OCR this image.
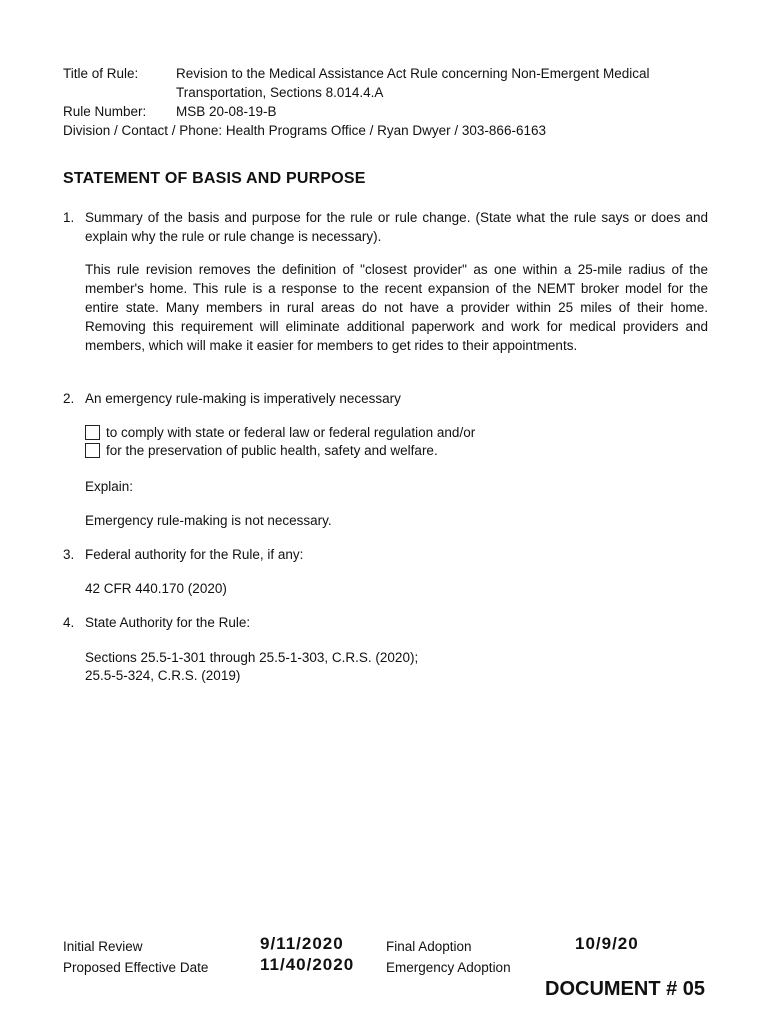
Title of Rule:	Revision to the Medical Assistance Act Rule concerning Non-Emergent Medical
Transportation, Sections 8.014.4.A
Rule Number: MSB 20-08-19-B
Division / Contact / Phone: Health Programs Office / Ryan Dwyer / 303-866-6163
STATEMENT OF BASIS AND PURPOSE
1. Summary of the basis and purpose for the rule or rule change. (State what the rule says or does and explain why the rule or rule change is necessary).
This rule revision removes the definition of "closest provider" as one within a 25-mile radius of the member's home. This rule is a response to the recent expansion of the NEMT broker model for the entire state. Many members in rural areas do not have a provider within 25 miles of their home. Removing this requirement will eliminate additional paperwork and work for medical providers and members, which will make it easier for members to get rides to their appointments.
2. An emergency rule-making is imperatively necessary
to comply with state or federal law or federal regulation and/or
for the preservation of public health, safety and welfare.
Explain:
Emergency rule-making is not necessary.
3. Federal authority for the Rule, if any:
42 CFR 440.170 (2020)
4. State Authority for the Rule:
Sections 25.5-1-301 through 25.5-1-303, C.R.S. (2020);
25.5-5-324, C.R.S. (2019)
Initial Review	9/11/2020	Final Adoption	10/9/20
Proposed Effective Date	11/40/2020 Emergency Adoption
DOCUMENT # 05
